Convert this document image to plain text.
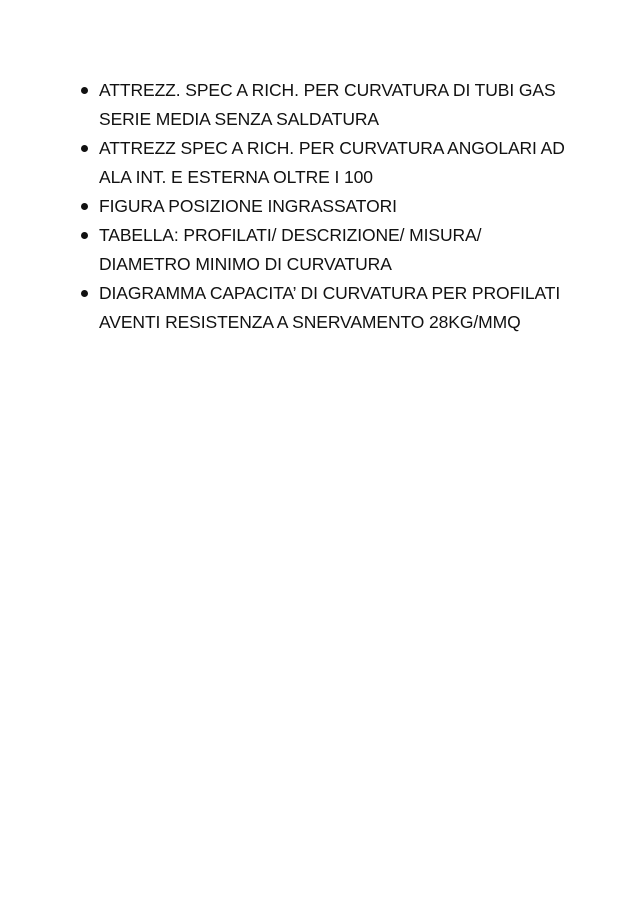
ATTREZZ. SPEC A RICH. PER CURVATURA DI TUBI GAS SERIE MEDIA SENZA SALDATURA
ATTREZZ SPEC A RICH. PER CURVATURA ANGOLARI AD ALA INT. E ESTERNA OLTRE I 100
FIGURA POSIZIONE INGRASSATORI
TABELLA: PROFILATI/ DESCRIZIONE/ MISURA/ DIAMETRO MINIMO DI CURVATURA
DIAGRAMMA CAPACITA’ DI CURVATURA PER PROFILATI AVENTI RESISTENZA A SNERVAMENTO 28KG/MMQ
